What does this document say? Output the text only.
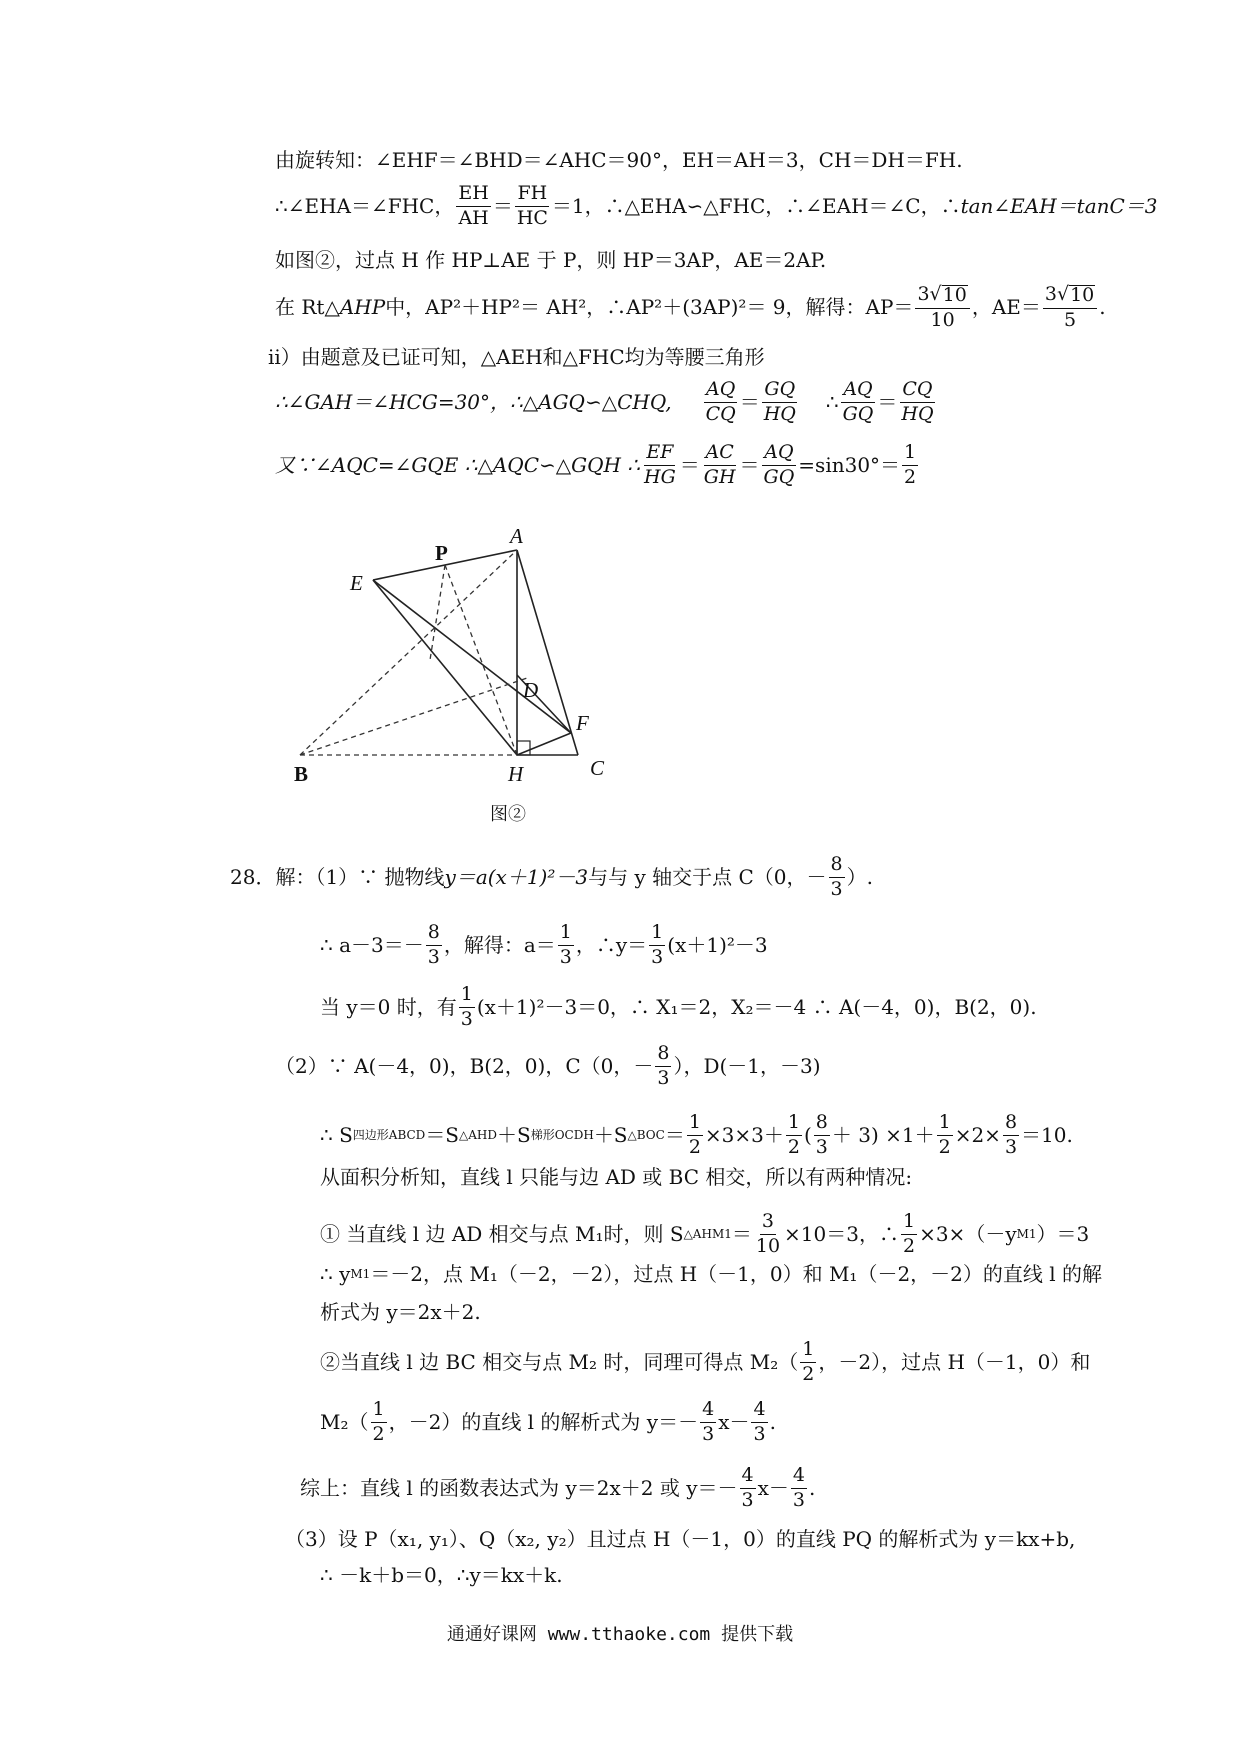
由旋转知：∠EHF＝∠BHD＝∠AHC＝90°，EH＝AH＝3，CH＝DH＝FH.
∴∠EHA＝∠FHC， $\frac{EH}{AH} = \frac{FH}{HC} =1$，∴△EHA∽△FHC，∴∠EAH＝∠C，∴ tan∠EAH＝tanC＝3
如图②，过点 H 作 HP⊥AE 于 P，则 HP＝3AP，AE＝2AP.
在 Rt△ AHP 中，AP²＋HP²＝ AH²，∴AP²＋(3AP)²＝ 9，解得：$AP= \frac{3√ 10}{10}$ ，$AE= \frac{3√ 10}{5}$ .
ii）由题意及已证可知，△AEH和△FHC均为等腰三角形
∴∠GAH＝∠HCG=30°，∴△AGQ∽△CHQ, $\frac{AQ}{CQ} = \frac{GQ}{HQ}$ ∴ $\frac{AQ}{GQ} = \frac{CQ}{HQ}$
又∵∠AQC=∠GQE ∴△AQC∽△GQH ∴ $\frac{EF}{HG} = \frac{AC}{GH} = \frac{AQ}{GQ} =\sin 30^\circ= \frac{1}{2}$
A
P
E
D
F
B	H	C
图②
28．解：（1）∵ 抛物线 y＝a(x＋1)²－3 与与 y 轴交于点 C（0，－ $\frac{8}{3}$ ）.
∴ $a-3=- \frac{8}{3}$ ，解得：$a= \frac{1}{3}$ ，∴y＝ $\frac{1}{3} (x+1)^2-3$
当 y＝0 时，有 $\frac{1}{3} (x+1)^2-3=0$，∴ X₁＝2，X₂＝－4 ∴ A(－4，0)，B(2，0).
（2）∵ A(－4，0)，B(2，0)，C（0，－ $\frac{8}{3}$ ），D(－1，－3)
∴ S 四边形ABCD ＝S △AHD ＋S 梯形OCDH ＋S △BOC ＝ $\frac{1}{2} \times 3\times 3+ \frac{1}{2}$ ( $\frac{8}{3} + 3) \times 1+ \frac{1}{2} \times 2\times \frac{8}{3} =10$.
从面积分析知，直线 l 只能与边 AD 或 BC 相交，所以有两种情况:
① 当直线 l 边 AD 相交与点 M₁时，则 S △AHM1 ＝ $\frac{3}{10} \times 10=3$，∴ $\frac{1}{2} \times 3\times(-y$ M1 ）＝3
∴ y M1 ＝－2，点 M₁（－2，－2），过点 H（－1，0）和 M₁（－2，－2）的直线 l 的解
析式为 y＝2x＋2.
②当直线 l 边 BC 相交与点 M₂ 时，同理可得点 $M_2( \frac{1}{2}$ ，－2），过点 H（－1，0）和
$M_2( \frac{1}{2}$ ，－2）的直线 l 的解析式为 $y=- \frac{4}{3} x- \frac{4}{3}$ .
综上：直线 l 的函数表达式为 y＝2x＋2 或 $y=- \frac{4}{3} x- \frac{4}{3}$ .
（3）设 P（x₁, y₁）、Q（x₂, y₂）且过点 H（－1，0）的直线 PQ 的解析式为 y＝kx+b,
∴ －k＋b＝0，∴y＝kx＋k.
通通好课网 www.tthaoke.com 提供下载
